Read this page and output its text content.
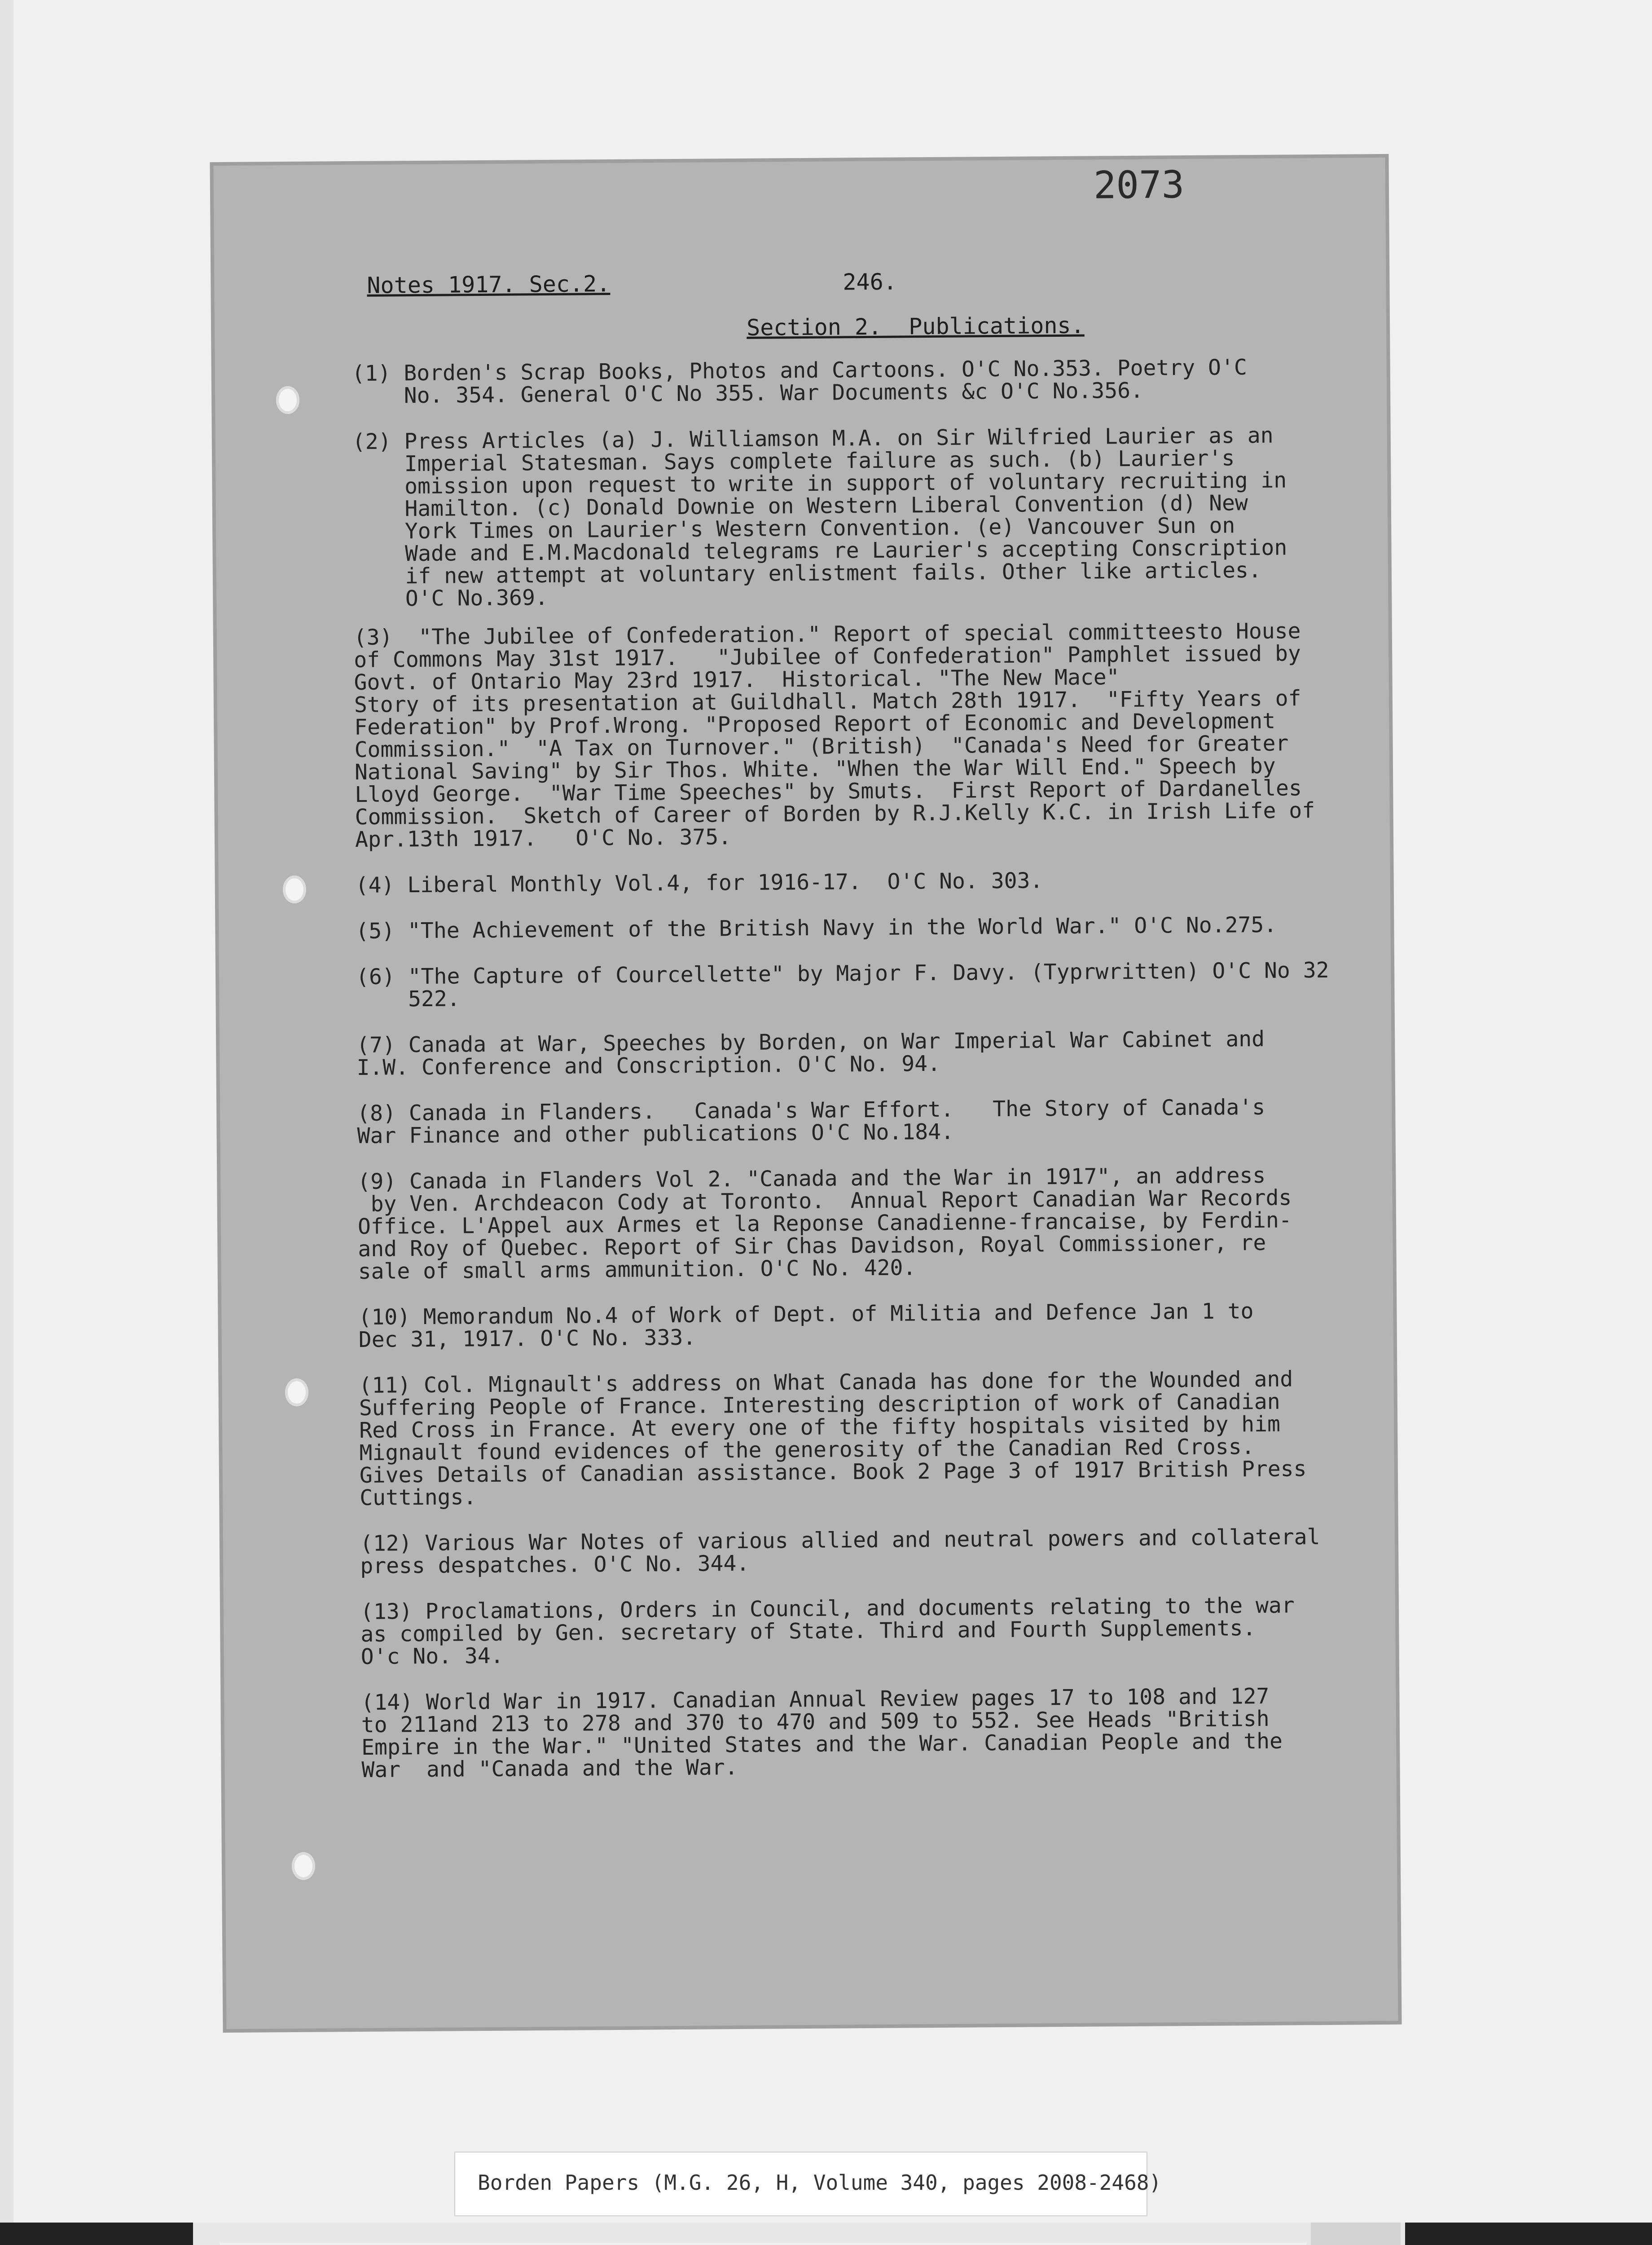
2073
Notes 1917. Sec.2.	246.
Section 2.  Publications.
(1) Borden's Scrap Books, Photos and Cartoons. O'C No.353. Poetry O'C
No. 354. General O'C No 355. War Documents &c O'C No.356.
(2) Press Articles (a) J. Williamson M.A. on Sir Wilfried Laurier as an
Imperial Statesman. Says complete failure as such. (b) Laurier's
omission upon request to write in support of voluntary recruiting in
Hamilton. (c) Donald Downie on Western Liberal Convention (d) New
York Times on Laurier's Western Convention. (e) Vancouver Sun on
Wade and E.M.Macdonald telegrams re Laurier's accepting Conscription
if new attempt at voluntary enlistment fails. Other like articles.
O'C No.369.
(3)  "The Jubilee of Confederation." Report of special committeesto House
of Commons May 31st 1917.   "Jubilee of Confederation" Pamphlet issued by
Govt. of Ontario May 23rd 1917.  Historical. "The New Mace"
Story of its presentation at Guildhall. Match 28th 1917.  "Fifty Years of
Federation" by Prof.Wrong. "Proposed Report of Economic and Development
Commission."  "A Tax on Turnover." (British)  "Canada's Need for Greater
National Saving" by Sir Thos. White. "When the War Will End." Speech by
Lloyd George.  "War Time Speeches" by Smuts.  First Report of Dardanelles
Commission.  Sketch of Career of Borden by R.J.Kelly K.C. in Irish Life of
Apr.13th 1917.   O'C No. 375.
(4) Liberal Monthly Vol.4, for 1916-17.  O'C No. 303.
(5) "The Achievement of the British Navy in the World War." O'C No.275.
(6) "The Capture of Courcellette" by Major F. Davy. (Typrwritten) O'C No 32
522.
(7) Canada at War, Speeches by Borden, on War Imperial War Cabinet and
I.W. Conference and Conscription. O'C No. 94.
(8) Canada in Flanders.   Canada's War Effort.   The Story of Canada's
War Finance and other publications O'C No.184.
(9) Canada in Flanders Vol 2. "Canada and the War in 1917", an address
by Ven. Archdeacon Cody at Toronto.  Annual Report Canadian War Records
Office. L'Appel aux Armes et la Reponse Canadienne-francaise, by Ferdin-
and Roy of Quebec. Report of Sir Chas Davidson, Royal Commissioner, re
sale of small arms ammunition. O'C No. 420.
(10) Memorandum No.4 of Work of Dept. of Militia and Defence Jan 1 to
Dec 31, 1917. O'C No. 333.
(11) Col. Mignault's address on What Canada has done for the Wounded and
Suffering People of France. Interesting description of work of Canadian
Red Cross in France. At every one of the fifty hospitals visited by him
Mignault found evidences of the generosity of the Canadian Red Cross.
Gives Details of Canadian assistance. Book 2 Page 3 of 1917 British Press
Cuttings.
(12) Various War Notes of various allied and neutral powers and collateral
press despatches. O'C No. 344.
(13) Proclamations, Orders in Council, and documents relating to the war
as compiled by Gen. secretary of State. Third and Fourth Supplements.
O'c No. 34.
(14) World War in 1917. Canadian Annual Review pages 17 to 108 and 127
to 211and 213 to 278 and 370 to 470 and 509 to 552. See Heads "British
Empire in the War." "United States and the War. Canadian People and the
War  and "Canada and the War.
Borden Papers (M.G. 26, H, Volume 340, pages 2008-2468)
